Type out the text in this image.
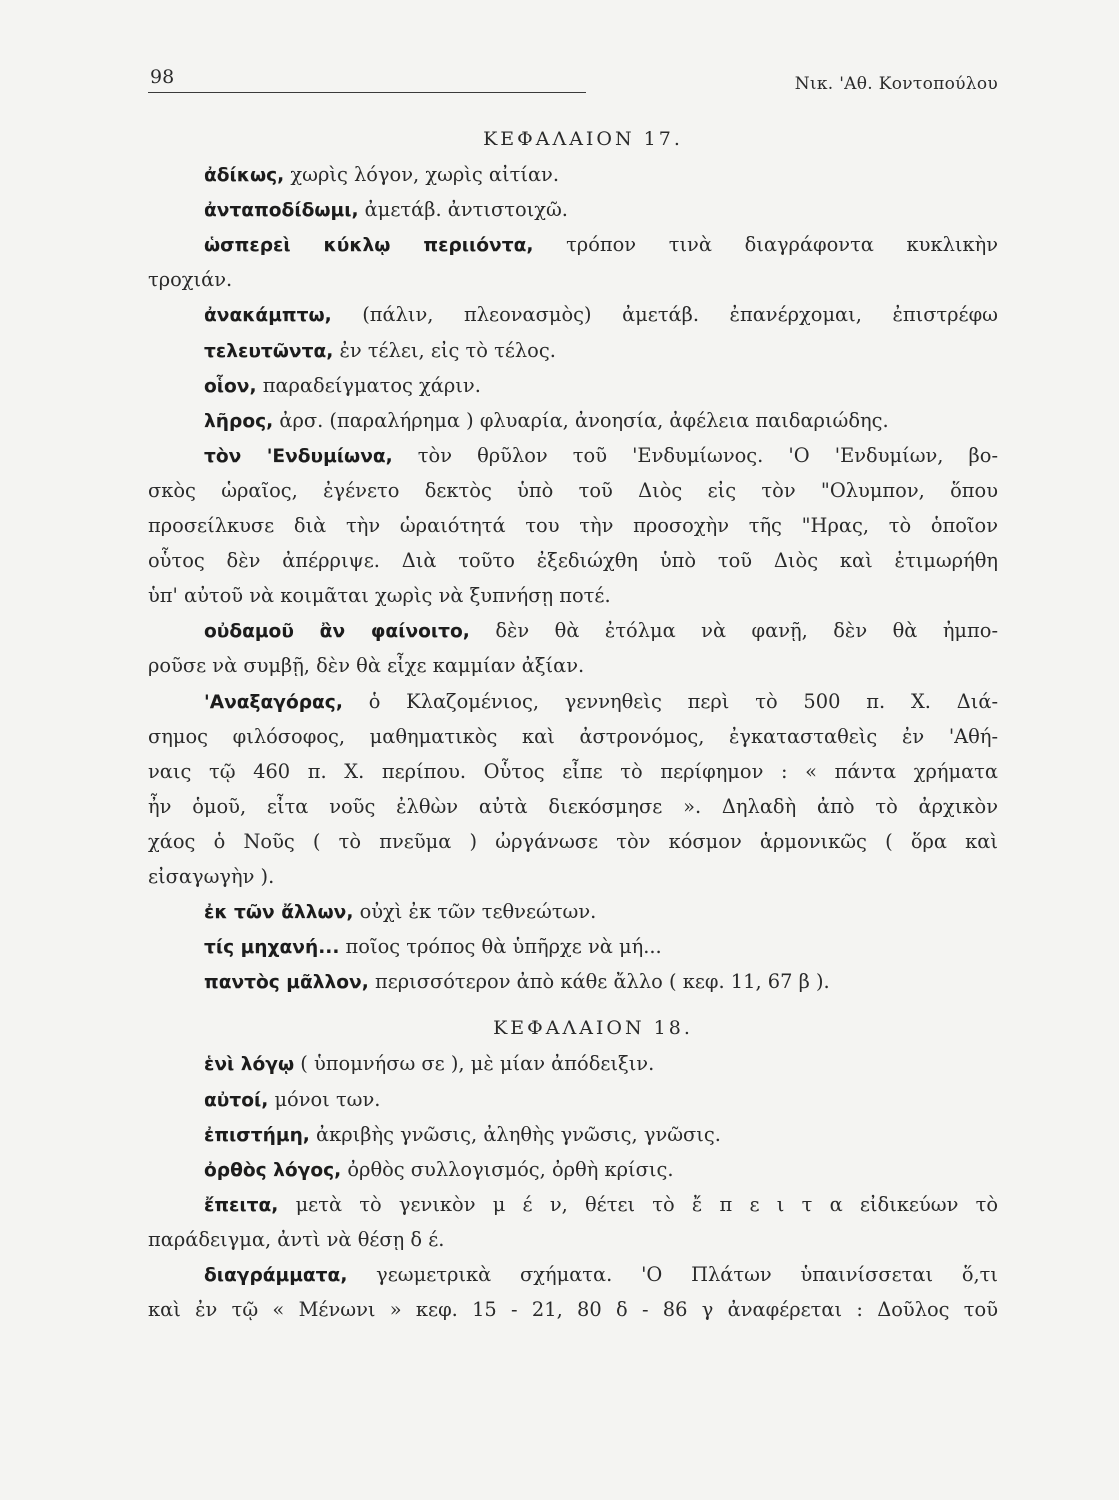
98	Νικ. 'Αθ. Κοντοπούλου
ΚΕΦΑΛΑΙΟΝ 17.
ἀδίκως, χωρὶς λόγον, χωρὶς αἰτίαν.
ἀνταποδίδωμι, ἀμετάβ. ἀντιστοιχῶ.
ὡσπερεὶ κύκλῳ περιιόντα, τρόπον τινὰ διαγράφοντα κυκλικὴν
τροχιάν.
ἀνακάμπτω, (πάλιν, πλεονασμὸς) ἀμετάβ. ἐπανέρχομαι, ἐπιστρέφω
τελευτῶντα, ἐν τέλει, εἰς τὸ τέλος.
οἷον, παραδείγματος χάριν.
λῆρος, ἀρσ. (παραλήρημα ) φλυαρία, ἀνοησία, ἀφέλεια παιδαριώδης.
τὸν 'Ενδυμίωνα, τὸν θρῦλον τοῦ 'Ενδυμίωνος. 'Ο 'Ενδυμίων, βο-
σκὸς ὡραῖος, ἐγένετο δεκτὸς ὑπὸ τοῦ Διὸς εἰς τὸν "Ολυμπον, ὅπου
προσείλκυσε διὰ τὴν ὡραιότητά του τὴν προσοχὴν τῆς "Ηρας, τὸ ὁποῖον
οὗτος δὲν ἀπέρριψε. Διὰ τοῦτο ἐξεδιώχθη ὑπὸ τοῦ Διὸς καὶ ἐτιμωρήθη
ὑπ' αὐτοῦ νὰ κοιμᾶται χωρὶς νὰ ξυπνήσῃ ποτέ.
οὐδαμοῦ ἂν φαίνοιτο, δὲν θὰ ἐτόλμα νὰ φανῇ, δὲν θὰ ἠμπο-
ροῦσε νὰ συμβῇ, δὲν θὰ εἶχε καμμίαν ἀξίαν.
'Αναξαγόρας, ὁ Κλαζομένιος, γεννηθεὶς περὶ τὸ 500 π. Χ. Διά-
σημος φιλόσοφος, μαθηματικὸς καὶ ἀστρονόμος, ἐγκατασταθεὶς ἐν 'Αθή-
ναις τῷ 460 π. Χ. περίπου. Οὗτος εἶπε τὸ περίφημον : « πάντα χρήματα
ἦν ὁμοῦ, εἶτα νοῦς ἐλθὼν αὐτὰ διεκόσμησε ». Δηλαδὴ ἀπὸ τὸ ἀρχικὸν
χάος ὁ Νοῦς ( τὸ πνεῦμα ) ὠργάνωσε τὸν κόσμον ἁρμονικῶς ( ὅρα καὶ
εἰσαγωγὴν ).
ἐκ τῶν ἄλλων, οὐχὶ ἐκ τῶν τεθνεώτων.
τίς μηχανή... ποῖος τρόπος θὰ ὑπῆρχε νὰ μή...
παντὸς μᾶλλον, περισσότερον ἀπὸ κάθε ἄλλο ( κεφ. 11, 67 β ).
ΚΕΦΑΛΑΙΟΝ 18.
ἑνὶ λόγῳ ( ὑπομνήσω σε ), μὲ μίαν ἀπόδειξιν.
αὐτοί, μόνοι των.
ἐπιστήμη, ἀκριβὴς γνῶσις, ἀληθὴς γνῶσις, γνῶσις.
ὀρθὸς λόγος, ὀρθὸς συλλογισμός, ὀρθὴ κρίσις.
ἔπειτα, μετὰ τὸ γενικὸν μ έ ν, θέτει τὸ ἔ π ε ι τ α εἰδικεύων τὸ
παράδειγμα, ἀντὶ νὰ θέσῃ δ έ.
διαγράμματα, γεωμετρικὰ σχήματα. 'Ο Πλάτων ὑπαινίσσεται ὅ,τι
καὶ ἐν τῷ « Μένωνι » κεφ. 15 - 21, 80 δ - 86 γ ἀναφέρεται : Δοῦλος τοῦ
